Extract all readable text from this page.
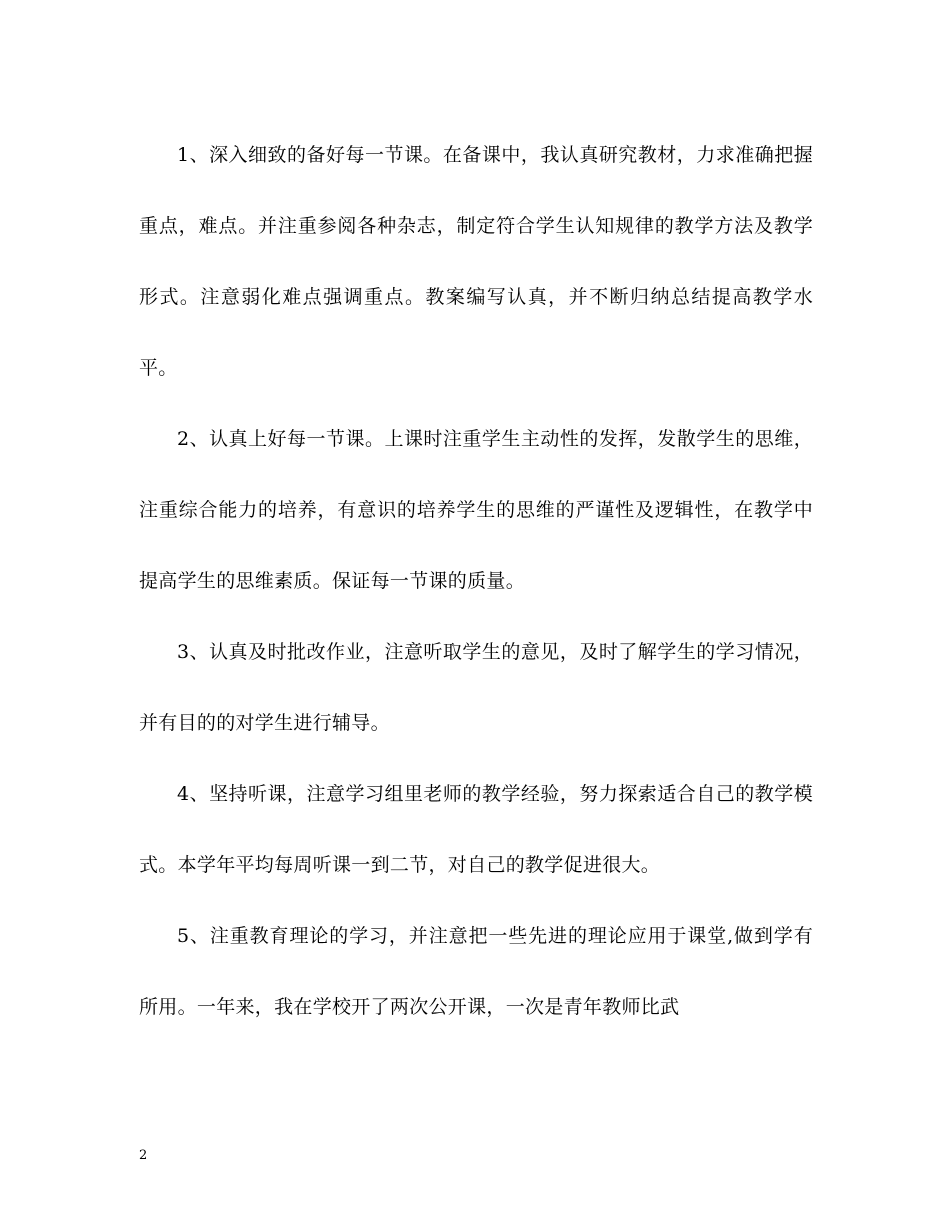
1、深入细致的备好每一节课。在备课中，我认真研究教材，力求准确把握重点，难点。并注重参阅各种杂志，制定符合学生认知规律的教学方法及教学形式。注意弱化难点强调重点。教案编写认真，并不断归纳总结提高教学水平。

2、认真上好每一节课。上课时注重学生主动性的发挥，发散学生的思维，注重综合能力的培养，有意识的培养学生的思维的严谨性及逻辑性，在教学中提高学生的思维素质。保证每一节课的质量。

3、认真及时批改作业，注意听取学生的意见，及时了解学生的学习情况，并有目的的对学生进行辅导。

4、坚持听课，注意学习组里老师的教学经验，努力探索适合自己的教学模式。本学年平均每周听课一到二节，对自己的教学促进很大。

5、注重教育理论的学习，并注意把一些先进的理论应用于课堂,做到学有所用。一年来，我在学校开了两次公开课，一次是青年教师比武

2
